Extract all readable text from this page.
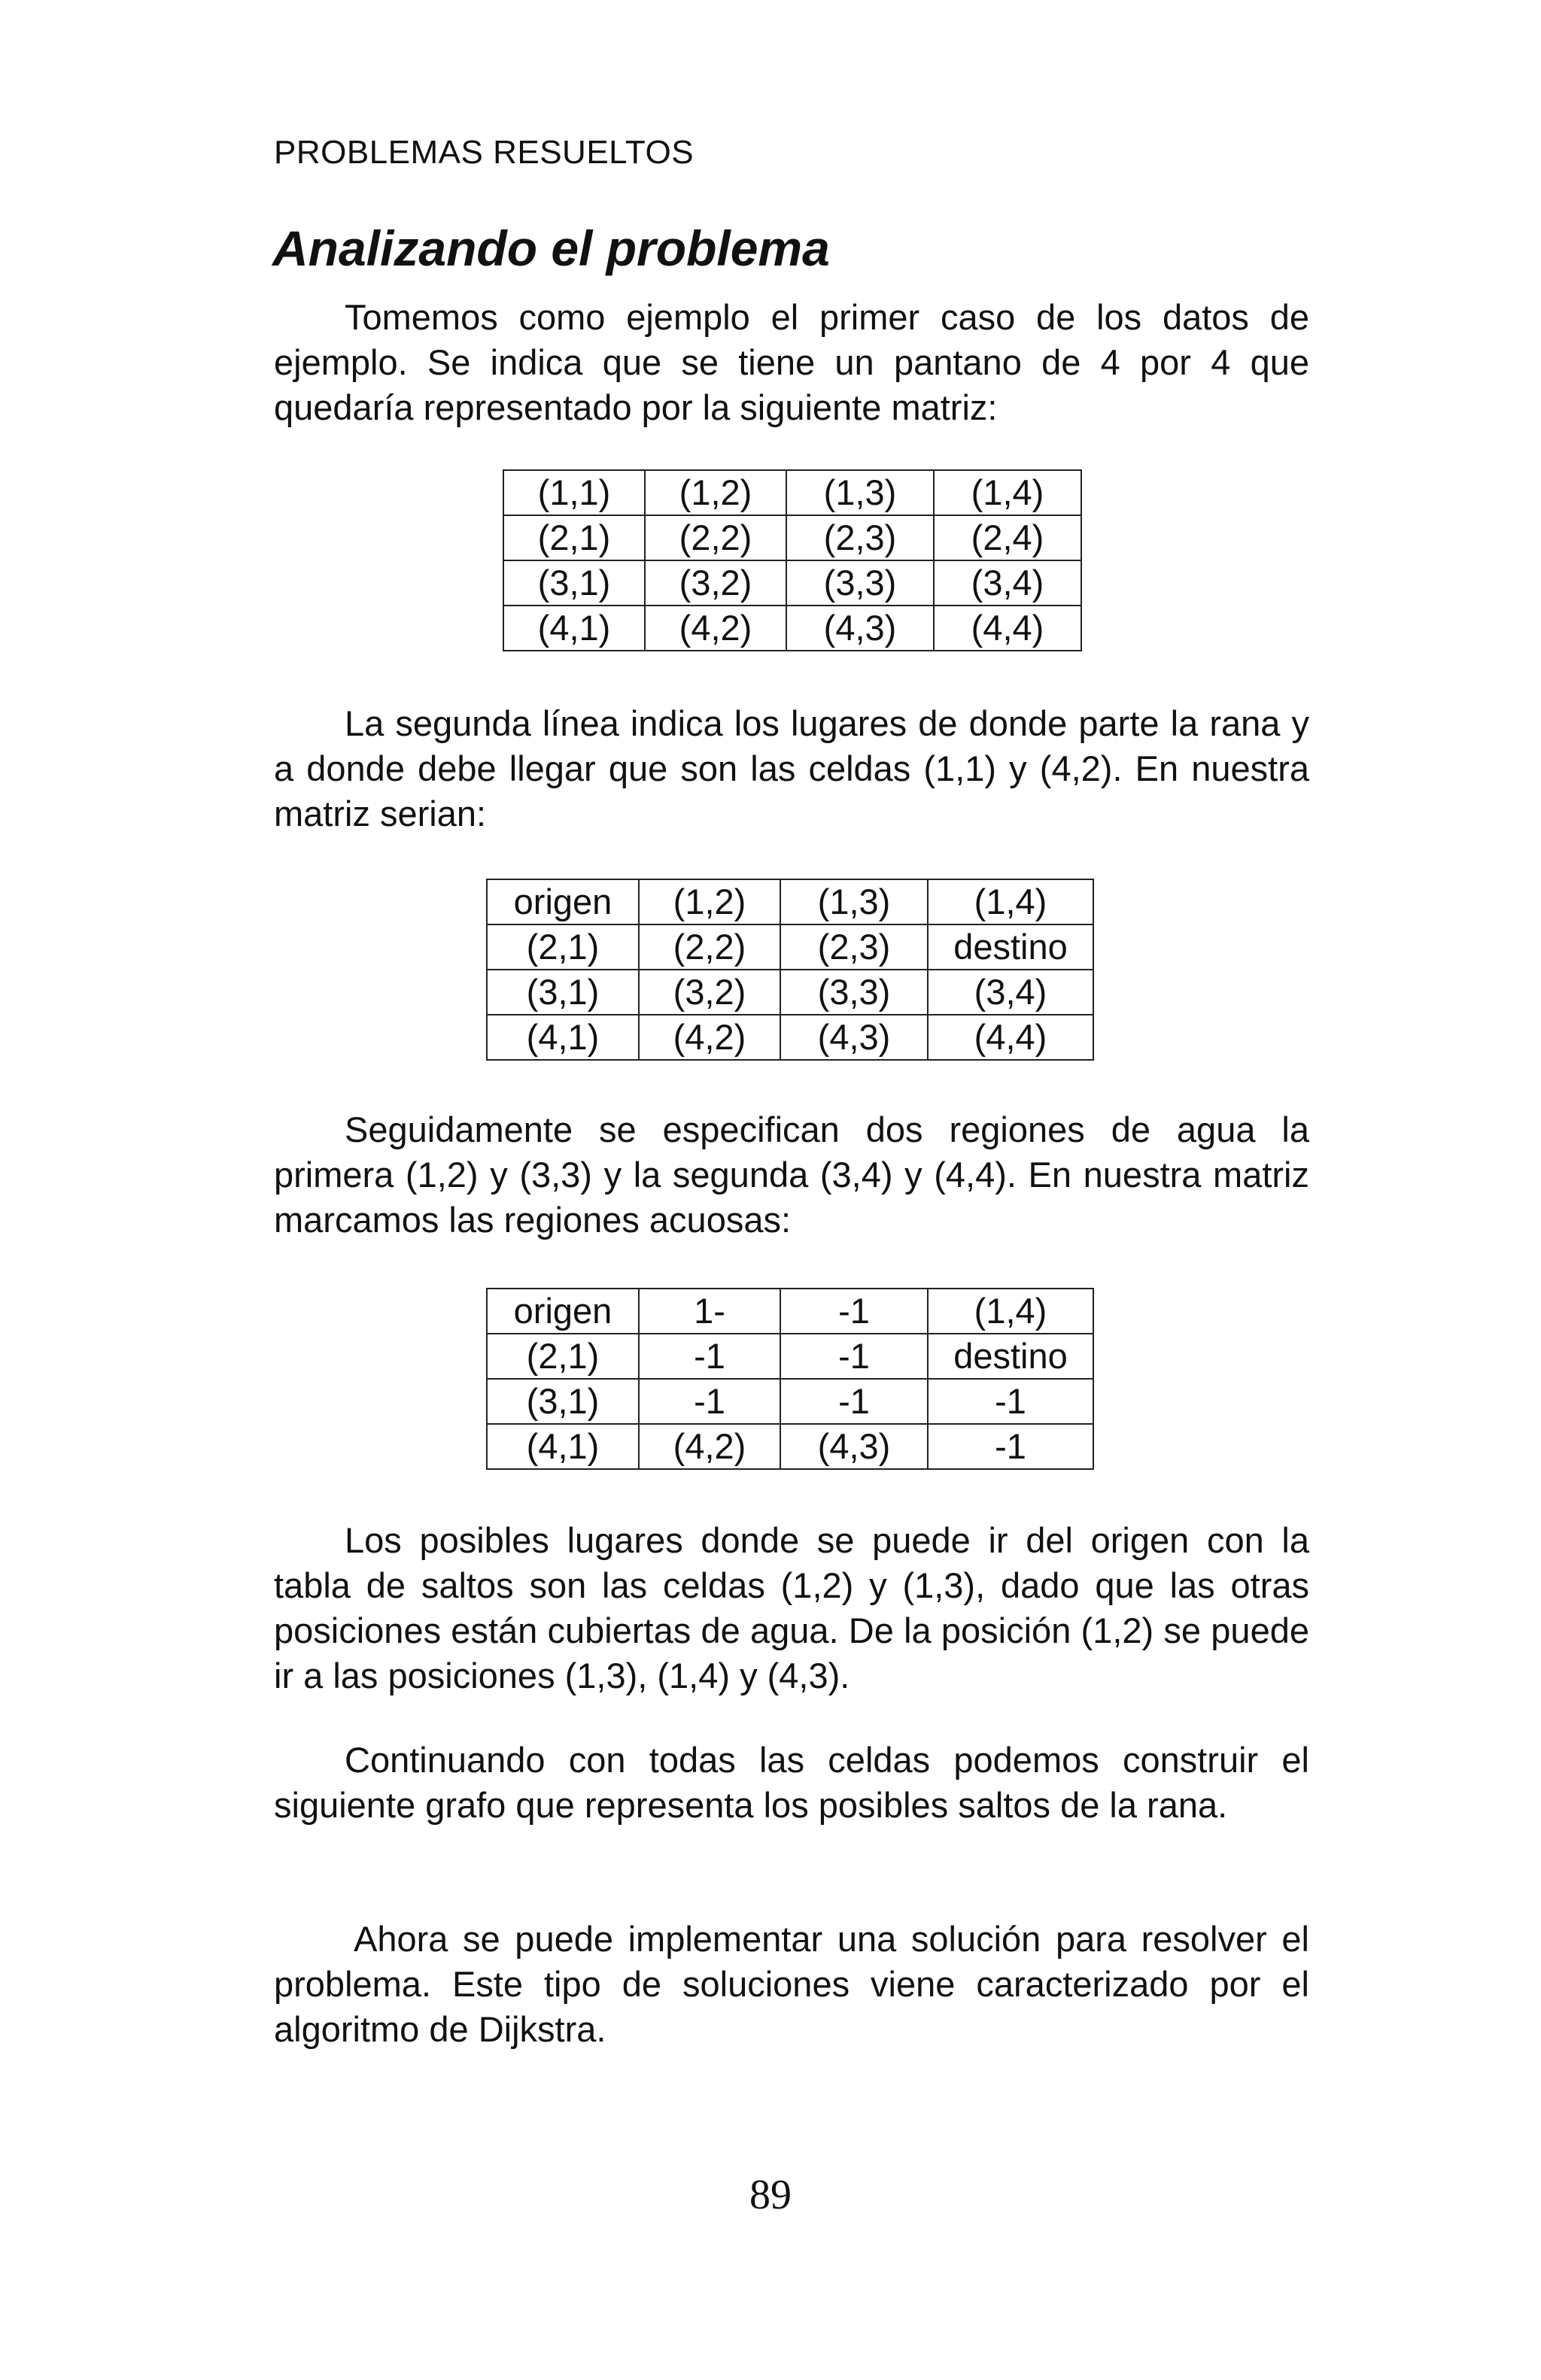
PROBLEMAS RESUELTOS
Analizando el problema

Tomemos como ejemplo el primer caso de los datos de ejemplo. Se indica que se tiene un pantano de 4 por 4 que quedaría representado por la siguiente matriz:

(1,1)	(1,2)	(1,3)	(1,4)
(2,1)	(2,2)	(2,3)	(2,4)
(3,1)	(3,2)	(3,3)	(3,4)
(4,1)	(4,2)	(4,3)	(4,4)

La segunda línea indica los lugares de donde parte la rana y a donde debe llegar que son las celdas (1,1) y (4,2). En nuestra matriz serian:

origen	(1,2)	(1,3)	(1,4)
(2,1)	(2,2)	(2,3)	destino
(3,1)	(3,2)	(3,3)	(3,4)
(4,1)	(4,2)	(4,3)	(4,4)

Seguidamente se especifican dos regiones de agua la primera (1,2) y (3,3) y la segunda (3,4) y (4,4). En nuestra matriz marcamos las regiones acuosas:

origen	1-	-1	(1,4)
(2,1)	-1	-1	destino
(3,1)	-1	-1	-1
(4,1)	(4,2)	(4,3)	-1

Los posibles lugares donde se puede ir del origen con la tabla de saltos son las celdas (1,2) y (1,3), dado que las otras posiciones están cubiertas de agua. De la posición (1,2) se puede ir a las posiciones (1,3), (1,4) y (4,3).

Continuando con todas las celdas podemos construir el siguiente grafo que representa los posibles saltos de la rana.

Ahora se puede implementar una solución para resolver el problema. Este tipo de soluciones viene caracterizado por el algoritmo de Dijkstra.

89
